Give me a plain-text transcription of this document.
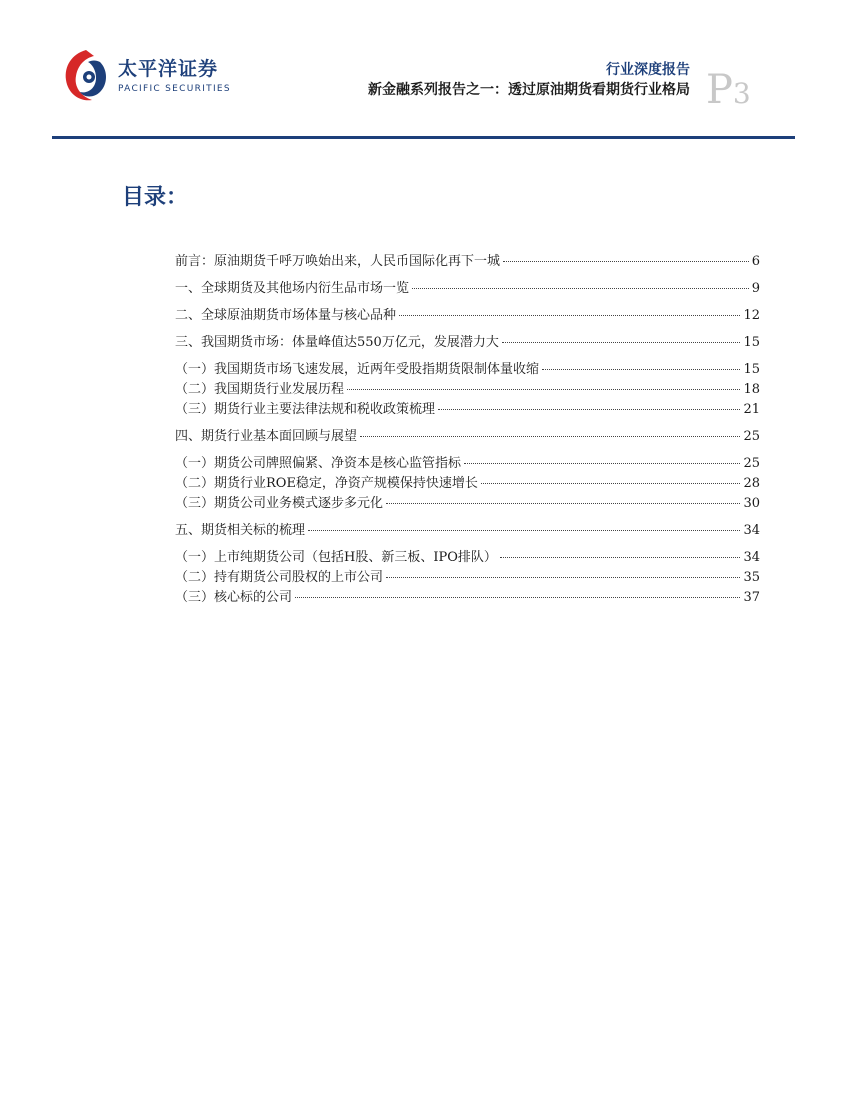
太平洋证券
PACIFIC SECURITIES
行业深度报告
新金融系列报告之一：透过原油期货看期货行业格局 P3
目录：
前言：原油期货千呼万唤始出来，人民币国际化再下一城	6
一、全球期货及其他场内衍生品市场一览	9
二、全球原油期货市场体量与核心品种	12
三、我国期货市场：体量峰值达550万亿元，发展潜力大	15
（一）我国期货市场飞速发展，近两年受股指期货限制体量收缩	15
（二）我国期货行业发展历程	18
（三）期货行业主要法律法规和税收政策梳理	21
四、期货行业基本面回顾与展望	25
（一）期货公司牌照偏紧、净资本是核心监管指标	25
（二）期货行业ROE稳定，净资产规模保持快速增长	28
（三）期货公司业务模式逐步多元化	30
五、期货相关标的梳理	34
（一）上市纯期货公司（包括H股、新三板、IPO排队）	34
（二）持有期货公司股权的上市公司	35
（三）核心标的公司	37
